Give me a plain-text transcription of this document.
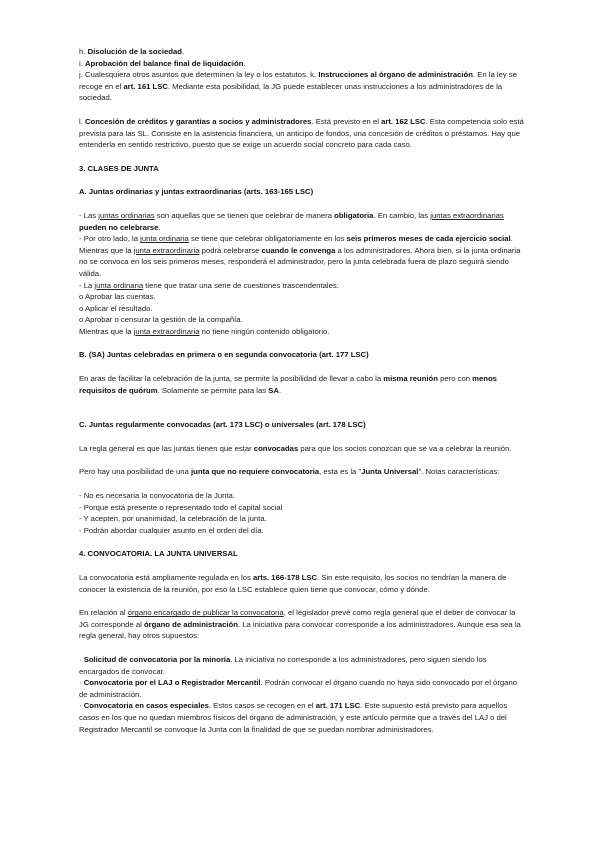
h. Disolución de la sociedad.

i. Aprobación del balance final de liquidación.

j. Cualesquiera otros asuntos que determinen la ley o los estatutos. k. Instrucciones al órgano de administración. En la ley se recoge en el art. 161 LSC. Mediante esta posibilidad, la JG puede establecer unas instrucciones a los administradores de la sociedad.

l. Concesión de créditos y garantías a socios y administradores. Está previsto en el art. 162 LSC. Esta competencia solo está prevista para las SL. Consiste en la asistencia financiera, un anticipo de fondos, una concesión de créditos o préstamos. Hay que entenderla en sentido restrictivo, puesto que se exige un acuerdo social concreto para cada caso.

3. CLASES DE JUNTA

A. Juntas ordinarias y juntas extraordinarias (arts. 163-165 LSC)

- Las juntas ordinarias son aquellas que se tienen que celebrar de manera obligatoria. En cambio, las juntas extraordinarias pueden no celebrarse.

- Por otro lado, la junta ordinaria se tiene que celebrar obligatoriamente en los seis primeros meses de cada ejercicio social. Mientras que la junta extraordinaria podrá celebrarse cuando le convenga a los administradores. Ahora bien, si la junta ordinaria no se convoca en los seis primeros meses, responderá el administrador, pero la junta celebrada fuera de plazo seguirá siendo válida.

- La junta ordinaria tiene que tratar una serie de cuestiones trascendentales:

o Aprobar las cuentas.

o Aplicar el resultado.

o Aprobar o censurar la gestión de la compañía.

Mientras que la junta extraordinaria no tiene ningún contenido obligatorio.

B. (SA) Juntas celebradas en primera o en segunda convocatoria (art. 177 LSC)

En aras de facilitar la celebración de la junta, se permite la posibilidad de llevar a cabo la misma reunión pero con menos requisitos de quórum. Solamente se permite para las SA.

C. Juntas regularmente convocadas (art. 173 LSC) o universales (art. 178 LSC)

La regla general es que las juntas tienen que estar convocadas para que los socios conozcan que se va a celebrar la reunión.

Pero hay una posibilidad de una junta que no requiere convocatoria, esta es la "Junta Universal". Notas características:

- No es necesaria la convocatoria de la Junta.

- Porque está presente o representado todo el capital social

- Y acepten, por unanimidad, la celebración de la junta.

- Podrán abordar cualquier asunto en el orden del día.

4. CONVOCATORIA. LA JUNTA UNIVERSAL

La convocatoria está ampliamente regulada en los arts. 166-178 LSC. Sin este requisito, los socios no tendrían la manera de conocer la existencia de la reunión, por eso la LSC establece quien tiene que convocar, cómo y dónde.

En relación al órgano encargado de publicar la convocatoria, el legislador prevé como regla general que el deber de convocar la JG corresponde al órgano de administración. La iniciativa para convocar corresponde a los administradores. Aunque esa sea la regla general, hay otros supuestos:

· Solicitud de convocatoria por la minoría. La iniciativa no corresponde a los administradores, pero siguen siendo los encargados de convocar.

· Convocatoria por el LAJ o Registrador Mercantil. Podrán convocar el órgano cuando no haya sido convocado por el órgano de administración.

· Convocatoria en casos especiales. Estos casos se recogen en el art. 171 LSC. Este supuesto está previsto para aquellos casos en los que no quedan miembros físicos del órgano de administración, y este artículo permite que a través del LAJ o del Registrador Mercantil se convoque la Junta con la finalidad de que se puedan nombrar administradores.
